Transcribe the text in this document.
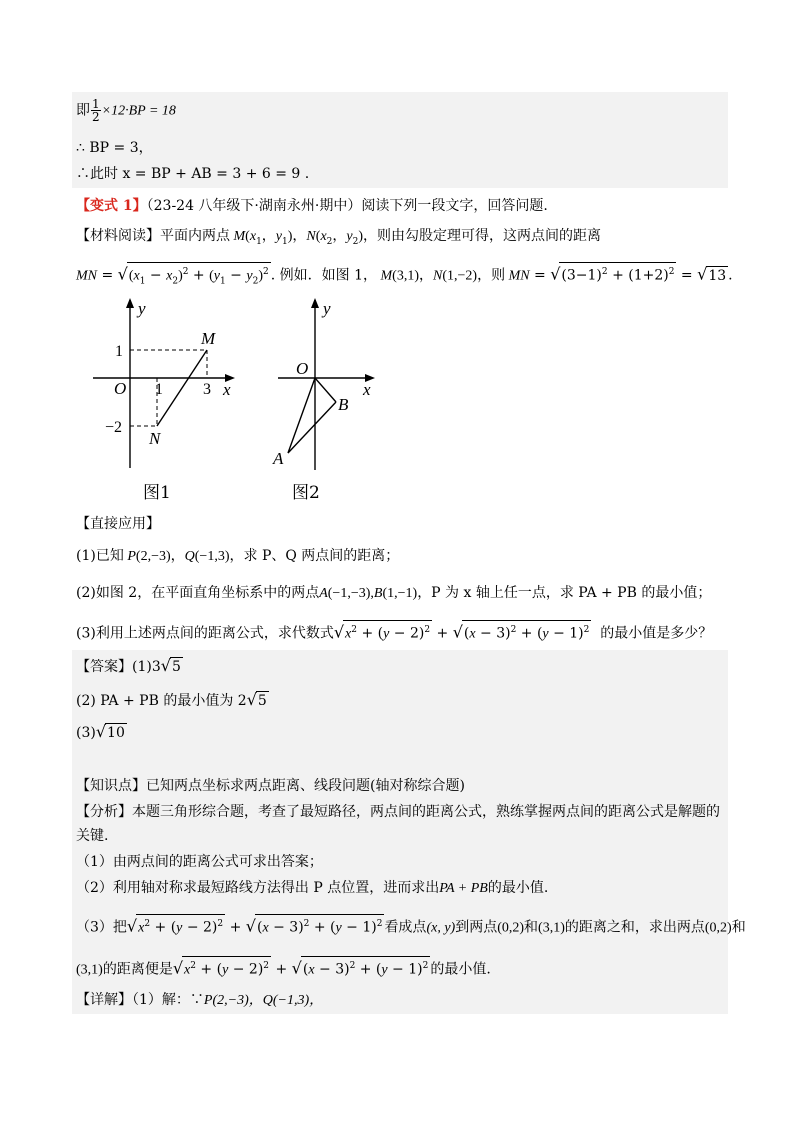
即 $\frac{1}{2} \times 12\cdot BP = 18$
∴ BP = 3，
∴此时 x = BP + AB = 3 + 6 = 9 .
【变式 1】（23-24 八年级下·湖南永州·期中）阅读下列一段文字，回答问题.
【材料阅读】平面内两点 $M(x_1$，$y_1$)，$N(x_2$，$y_2$)，则由勾股定理可得，这两点间的距离
MN = $√(x_1 - x_2)^2 + (y_1 - y_2)^2$ . 例如．如图 1， M(3,1)，N(1,−2)，则 MN = $√(3-1)^2 + (1+2)^2 = √13$ .
y
x
O 1	3
1
−2
M
N
图1
y
x
O
B
A
图2
【直接应用】
(1)已知 P(2,−3)，Q(−1,3)，求 P、Q 两点间的距离；
(2)如图 2，在平面直角坐标系中的两点A(−1,−3),B(1,−1)，P 为 x 轴上任一点，求 PA + PB 的最小值；
(3)利用上述两点间的距离公式，求代数式$√x^2 + (y - 2)^2 + √(x - 3)^2 + (y - 1)^2$ 的最小值是多少？
【答案】(1)3√5
(2) PA + PB 的最小值为 2√5
(3)√10
【知识点】已知两点坐标求两点距离、线段问题(轴对称综合题)
【分析】本题三角形综合题，考查了最短路径，两点间的距离公式，熟练掌握两点间的距离公式是解题的
关键.
（1）由两点间的距离公式可求出答案；
（2）利用轴对称求最短路线方法得出 P 点位置，进而求出PA + PB的最小值.
（3）把$√x^2 + (y - 2)^2 + √(x - 3)^2 + (y - 1)^2$ 看成点(x, y)到两点(0,2)和(3,1)的距离之和，求出两点(0,2)和
(3,1)的距离便是$√x^2 + (y - 2)^2 + √(x - 3)^2 + (y - 1)^2$ 的最小值.
【详解】（1）解：∵P(2,−3)，Q(−1,3)，
